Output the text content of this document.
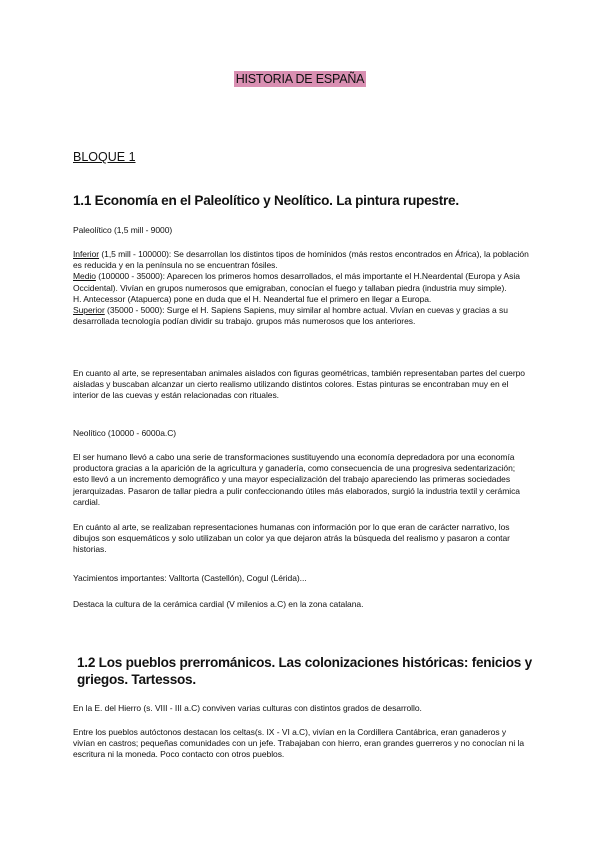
HISTORIA DE ESPAÑA
BLOQUE 1
1.1 Economía en el Paleolítico y Neolítico. La pintura rupestre.

Paleolítico (1,5 mill - 9000)

Inferior (1,5 mill - 100000): Se desarrollan los distintos tipos de homínidos (más restos encontrados en África), la población es reducida y en la península no se encuentran fósiles.
Medio (100000 - 35000): Aparecen los primeros homos desarrollados, el más importante el H.Neardental (Europa y Asia Occidental). Vivían en grupos numerosos que emigraban, conocían el fuego y tallaban piedra (industria muy simple).
H. Antecessor (Atapuerca) pone en duda que el H. Neandertal fue el primero en llegar a Europa.
Superior (35000 - 5000): Surge el H. Sapiens Sapiens, muy similar al hombre actual. Vivían en cuevas y gracias a su desarrollada tecnología podían dividir su trabajo. grupos más numerosos que los anteriores.

En cuanto al arte, se representaban animales aislados con figuras geométricas, también representaban partes del cuerpo aisladas y buscaban alcanzar un cierto realismo utilizando distintos colores. Estas pinturas se encontraban muy en el interior de las cuevas y están relacionadas con rituales.

Neolítico (10000 - 6000a.C)

El ser humano llevó a cabo una serie de transformaciones sustituyendo una economía depredadora por una economía productora gracias a la aparición de la agricultura y ganadería, como consecuencia de una progresiva sedentarización; esto llevó a un incremento demográfico y una mayor especialización del trabajo apareciendo las primeras sociedades jerarquizadas. Pasaron de tallar piedra a pulir confeccionando útiles más elaborados, surgió la industria textil y cerámica cardial.

En cuánto al arte, se realizaban representaciones humanas con información por lo que eran de carácter narrativo, los dibujos son esquemáticos y solo utilizaban un color ya que dejaron atrás la búsqueda del realismo y pasaron a contar historias.

Yacimientos importantes: Valltorta (Castellón), Cogul (Lérida)...

Destaca la cultura de la cerámica cardial (V milenios a.C) en la zona catalana.

1.2 Los pueblos prerrománicos. Las colonizaciones históricas: fenicios y griegos. Tartessos.

En la E. del Hierro (s. VIII - III a.C) conviven varias culturas con distintos grados de desarrollo.

Entre los pueblos autóctonos destacan los celtas(s. IX - VI a.C), vivían en la Cordillera Cantábrica, eran ganaderos y vivían en castros; pequeñas comunidades con un jefe. Trabajaban con hierro, eran grandes guerreros y no conocían ni la escritura ni la moneda. Poco contacto con otros pueblos.
